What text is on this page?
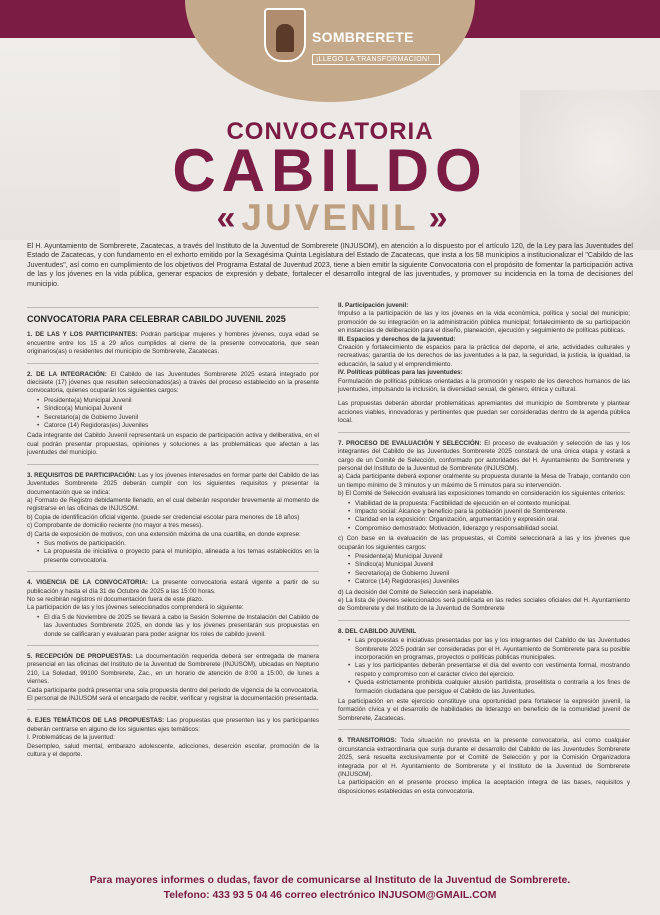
SOMBRERETE
¡LLEGÓ LA TRANSFORMACIÓN!
CONVOCATORIA
CABILDO
« JUVENIL »

El H. Ayuntamiento de Sombrerete, Zacatecas, a través del Instituto de la Juventud de Sombrerete (INJUSOM), en atención a lo dispuesto por el artículo 120, de la Ley para las Juventudes del Estado de Zacatecas, y con fundamento en el exhorto emitido por la Sexagésima Quinta Legislatura del Estado de Zacatecas, que insta a los 58 municipios a institucionalizar el "Cabildo de las Juventudes", así como en cumplimiento de los objetivos del Programa Estatal de Juventud 2023, tiene a bien emitir la siguiente Convocatoria con el propósito de fomentar la participación activa de las y los jóvenes en la vida pública, generar espacios de expresión y debate, fortalecer el desarrollo integral de las juventudes, y promover su incidencia en la toma de decisiones del municipio.

CONVOCATORIA PARA CELEBRAR CABILDO JUVENIL 2025
1. DE LAS Y LOS PARTICIPANTES: Podrán participar mujeres y hombres jóvenes, cuya edad se encuentre entre los 15 a 29 años cumplidos al cierre de la presente convocatoria, que sean originarios(as) o residentes del municipio de Sombrerete, Zacatecas.
2. DE LA INTEGRACIÓN: El Cabildo de las Juventudes Sombrerete 2025 estará integrado por diecisiete (17) jóvenes que resulten seleccionados(as) a través del proceso establecido en la presente convocatoria, quienes ocuparán los siguientes cargos:
• Presidente(a) Municipal Juvenil
• Síndico(a) Municipal Juvenil
• Secretario(a) de Gobierno Juvenil
• Catorce (14) Regidoras(es) Juveniles
Cada integrante del Cabildo Juvenil representará un espacio de participación activa y deliberativa, en el cual podrán presentar propuestas, opiniones y soluciones a las problemáticas que afectan a las juventudes del municipio.
3. REQUISITOS DE PARTICIPACIÓN: Las y los jóvenes interesados en formar parte del Cabildo de las Juventudes Sombrerete 2025 deberán cumplir con los siguientes requisitos y presentar la documentación que se indica:
a) Formato de Registro debidamente llenado, en el cual deberán responder brevemente al momento de registrarse en las oficinas de INJUSOM.
b) Copia de identificación oficial vigente. (puede ser credencial escolar para menores de 18 años)
c) Comprobante de domicilio reciente (no mayor a tres meses).
d) Carta de exposición de motivos, con una extensión máxima de una cuartilla, en donde exprese:
• Sus motivos de participación.
• La propuesta de iniciativa o proyecto para el municipio, alineada a los temas establecidos en la presente convocatoria.
4. VIGENCIA DE LA CONVOCATORIA: La presente convocatoria estará vigente a partir de su publicación y hasta el día 31 de Octubre de 2025 a las 15:00 horas.
No se recibirán registros ni documentación fuera de este plazo.
La participación de las y los jóvenes seleccionados comprenderá lo siguiente:
• El día 5 de Noviembre de 2025 se llevará a cabo la Sesión Solemne de Instalación del Cabildo de las Juventudes Sombrerete 2025, en donde las y los jóvenes presentarán sus propuestas en donde se calificaran y evaluaran para poder asignar los roles de cabildo juvenil.
5. RECEPCIÓN DE PROPUESTAS: La documentación requerida deberá ser entregada de manera presencial en las oficinas del Instituto de la Juventud de Sombrerete (INJUSOM), ubicadas en Neptuno 210, La Soledad, 99100 Sombrerete, Zac., en un horario de atención de 8:00 a 15:00, de lunes a viernes.
Cada participante podrá presentar una sola propuesta dentro del periodo de vigencia de la convocatoria.
El personal de INJUSOM será el encargado de recibir, verificar y registrar la documentación presentada.
6. EJES TEMÁTICOS DE LAS PROPUESTAS: Las propuestas que presenten las y los participantes deberán centrarse en alguno de los siguientes ejes temáticos:
I. Problemáticas de la juventud:
Desempleo, salud mental, embarazo adolescente, adicciones, deserción escolar, promoción de la cultura y el deporte.
II. Participación juvenil:
Impulso a la participación de las y los jóvenes en la vida económica, política y social del municipio; promoción de su integración en la administración pública municipal; fortalecimiento de su participación en instancias de deliberación para el diseño, planeación, ejecución y seguimiento de políticas públicas.
III. Espacios y derechos de la juventud:
Creación y fortalecimiento de espacios para la práctica del deporte, el arte, actividades culturales y recreativas; garantía de los derechos de las juventudes a la paz, la seguridad, la justicia, la igualdad, la educación, la salud y el emprendimiento.
IV. Políticas públicas para las juventudes:
Formulación de políticas públicas orientadas a la promoción y respeto de los derechos humanos de las juventudes, impulsando la inclusión, la diversidad sexual, de género, étnica y cultural.
Las propuestas deberán abordar problemáticas apremiantes del municipio de Sombrerete y plantear acciones viables, innovadoras y pertinentes que puedan ser consideradas dentro de la agenda pública local.
7. PROCESO DE EVALUACIÓN Y SELECCIÓN: El proceso de evaluación y selección de las y los integrantes del Cabildo de las Juventudes Sombrerete 2025 constará de una única etapa y estará a cargo de un Comité de Selección, conformado por autoridades del H. Ayuntamiento de Sombrerete y personal del Instituto de la Juventud de Sombrerete (INJUSOM).
a) Cada participante deberá exponer oralmente su propuesta durante la Mesa de Trabajo, contando con un tiempo mínimo de 3 minutos y un máximo de 5 minutos para su intervención.
b) El Comité de Selección evaluará las exposiciones tomando en consideración los siguientes criterios:
• Viabilidad de la propuesta: Factibilidad de ejecución en el contexto municipal.
• Impacto social: Alcance y beneficio para la población juvenil de Sombrerete.
• Claridad en la exposición: Organización, argumentación y expresión oral.
• Compromiso demostrado: Motivación, liderazgo y responsabilidad social.
c) Con base en la evaluación de las propuestas, el Comité seleccionará a las y los jóvenes que ocuparán los siguientes cargos:
• Presidente(a) Municipal Juvenil
• Síndico(a) Municipal Juvenil
• Secretario(a) de Gobierno Juvenil
• Catorce (14) Regidoras(es) Juveniles
d) La decisión del Comité de Selección será inapelable.
e) La lista de jóvenes seleccionados será publicada en las redes sociales oficiales del H. Ayuntamiento de Sombrerete y del Instituto de la Juventud de Sombrerete
8. DEL CABILDO JUVENIL
• Las propuestas e iniciativas presentadas por las y los integrantes del Cabildo de las Juventudes Sombrerete 2025 podrán ser consideradas por el H. Ayuntamiento de Sombrerete para su posible incorporación en programas, proyectos o políticas públicas municipales.
• Las y los participantes deberán presentarse el día del evento con vestimenta formal, mostrando respeto y compromiso con el carácter cívico del ejercicio.
• Queda estrictamente prohibida cualquier alusión partidista, proselitista o contraria a los fines de formación ciudadana que persigue el Cabildo de las Juventudes.
La participación en este ejercicio constituye una oportunidad para fortalecer la expresión juvenil, la formación cívica y el desarrollo de habilidades de liderazgo en beneficio de la comunidad juvenil de Sombrerete, Zacatecas.
9. TRANSITORIOS: Toda situación no prevista en la presente convocatoria, así como cualquier circunstancia extraordinaria que surja durante el desarrollo del Cabildo de las Juventudes Sombrerete 2025, será resuelta exclusivamente por el Comité de Selección y por la Comisión Organizadora integrada por el H. Ayuntamiento de Sombrerete y el Instituto de la Juventud de Sombrerete (INJUSOM).
La participación en el presente proceso implica la aceptación íntegra de las bases, requisitos y disposiciones establecidas en esta convocatoria.
Para mayores informes o dudas, favor de comunicarse al Instituto de la Juventud de Sombrerete.
Telefono: 433 93 5 04 46 correo electrónico INJUSOM@GMAIL.COM
